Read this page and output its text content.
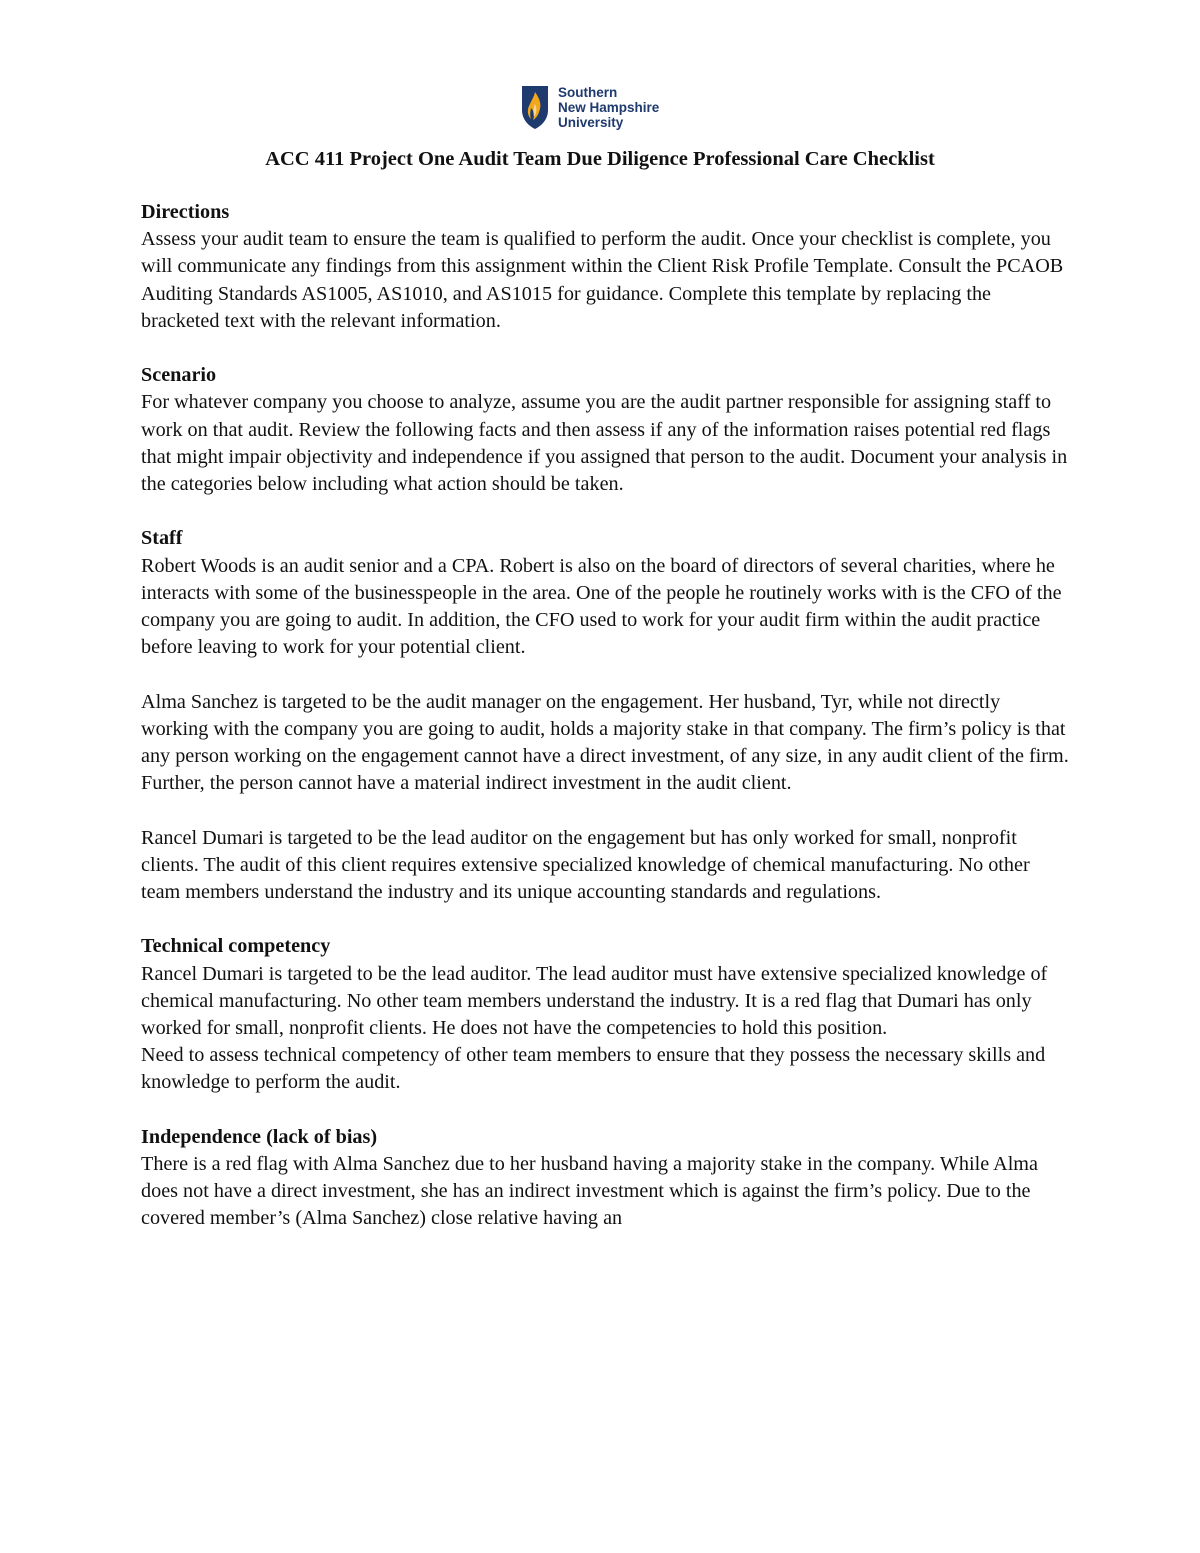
Southern
New Hampshire
University
ACC 411 Project One Audit Team Due Diligence Professional Care Checklist
Directions

Assess your audit team to ensure the team is qualified to perform the audit. Once your checklist is complete, you will communicate any findings from this assignment within the Client Risk Profile Template. Consult the PCAOB Auditing Standards AS1005, AS1010, and AS1015 for guidance. Complete this template by replacing the bracketed text with the relevant information.

Scenario

For whatever company you choose to analyze, assume you are the audit partner responsible for assigning staff to work on that audit. Review the following facts and then assess if any of the information raises potential red flags that might impair objectivity and independence if you assigned that person to the audit. Document your analysis in the categories below including what action should be taken.

Staff

Robert Woods is an audit senior and a CPA. Robert is also on the board of directors of several charities, where he interacts with some of the businesspeople in the area. One of the people he routinely works with is the CFO of the company you are going to audit. In addition, the CFO used to work for your audit firm within the audit practice before leaving to work for your potential client.

Alma Sanchez is targeted to be the audit manager on the engagement. Her husband, Tyr, while not directly working with the company you are going to audit, holds a majority stake in that company. The firm’s policy is that any person working on the engagement cannot have a direct investment, of any size, in any audit client of the firm. Further, the person cannot have a material indirect investment in the audit client.

Rancel Dumari is targeted to be the lead auditor on the engagement but has only worked for small, nonprofit clients. The audit of this client requires extensive specialized knowledge of chemical manufacturing. No other team members understand the industry and its unique accounting standards and regulations.

Technical competency

Rancel Dumari is targeted to be the lead auditor. The lead auditor must have extensive specialized knowledge of chemical manufacturing. No other team members understand the industry. It is a red flag that Dumari has only worked for small, nonprofit clients. He does not have the competencies to hold this position.

Need to assess technical competency of other team members to ensure that they possess the necessary skills and knowledge to perform the audit.

Independence (lack of bias)

There is a red flag with Alma Sanchez due to her husband having a majority stake in the company. While Alma does not have a direct investment, she has an indirect investment which is against the firm’s policy. Due to the covered member’s (Alma Sanchez) close relative having an
